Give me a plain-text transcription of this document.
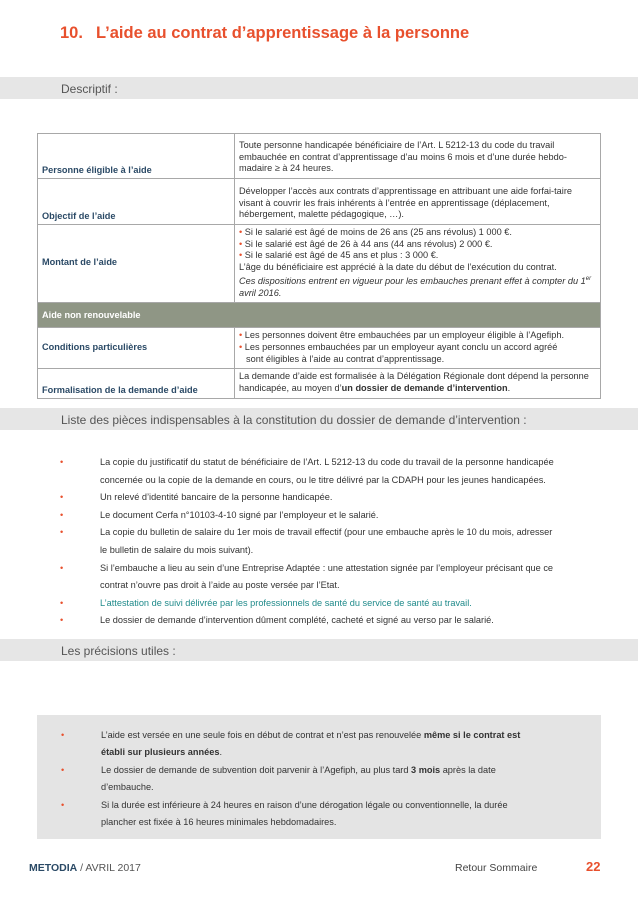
10. L’aide au contrat d’apprentissage à la personne
Descriptif :
Personne éligible à l’aide	Toute personne handicapée bénéficiaire de l’Art. L 5212-13 du code du travail embauchée en contrat d’apprentissage d’au moins 6 mois et d’une durée hebdo-madaire ≥ à 24 heures.
Objectif de l’aide	Développer l’accès aux contrats d’apprentissage en attribuant une aide forfai-taire visant à couvrir les frais inhérents à l’entrée en apprentissage (déplacement, hébergement, malette pédagogique, …).
Montant de l’aide	• Si le salarié est âgé de moins de 26 ans (25 ans révolus) 1 000 €.
• Si le salarié est âgé de 26 à 44 ans (44 ans révolus) 2 000 €.
• Si le salarié est âgé de 45 ans et plus : 3 000 €.
L’âge du bénéficiaire est apprécié à la date du début de l’exécution du contrat.
Ces dispositions entrent en vigueur pour les embauches prenant effet à compter du 1er avril 2016.

Aide non renouvelable	
Conditions particulières	• Les personnes doivent être embauchées par un employeur éligible à l’Agefiph.
• Les personnes embauchées par un employeur ayant conclu un accord agréé
sont éligibles à l’aide au contrat d’apprentissage.

Formalisation de la demande d’aide	La demande d’aide est formalisée à la Délégation Régionale dont dépend la personne handicapée, au moyen d’un dossier de demande d’intervention.
Liste des pièces indispensables à la constitution du dossier de demande d’intervention :
• La copie du justificatif du statut de bénéficiaire de l’Art. L 5212-13 du code du travail de la personne handicapée concernée ou la copie de la demande en cours, ou le titre délivré par la CDAPH pour les jeunes handicapées.
• Un relevé d’identité bancaire de la personne handicapée.
• Le document Cerfa n°10103-4-10 signé par l’employeur et le salarié.
• La copie du bulletin de salaire du 1er mois de travail effectif (pour une embauche après le 10 du mois, adresser le bulletin de salaire du mois suivant).
• Si l’embauche a lieu au sein d’une Entreprise Adaptée : une attestation signée par l’employeur précisant que ce contrat n’ouvre pas droit à l’aide au poste versée par l’Etat.
• L’attestation de suivi délivrée par les professionnels de santé du service de santé au travail.
• Le dossier de demande d’intervention dûment complété, cacheté et signé au verso par le salarié.
Les précisions utiles :
• L’aide est versée en une seule fois en début de contrat et n’est pas renouvelée même si le contrat est établi sur plusieurs années.
• Le dossier de demande de subvention doit parvenir à l’Agefiph, au plus tard 3 mois après la date d’embauche.
• Si la durée est inférieure à 24 heures en raison d’une dérogation légale ou conventionnelle, la durée plancher est fixée à 16 heures minimales hebdomadaires.
METODIA / AVRIL 2017	Retour Sommaire	22
